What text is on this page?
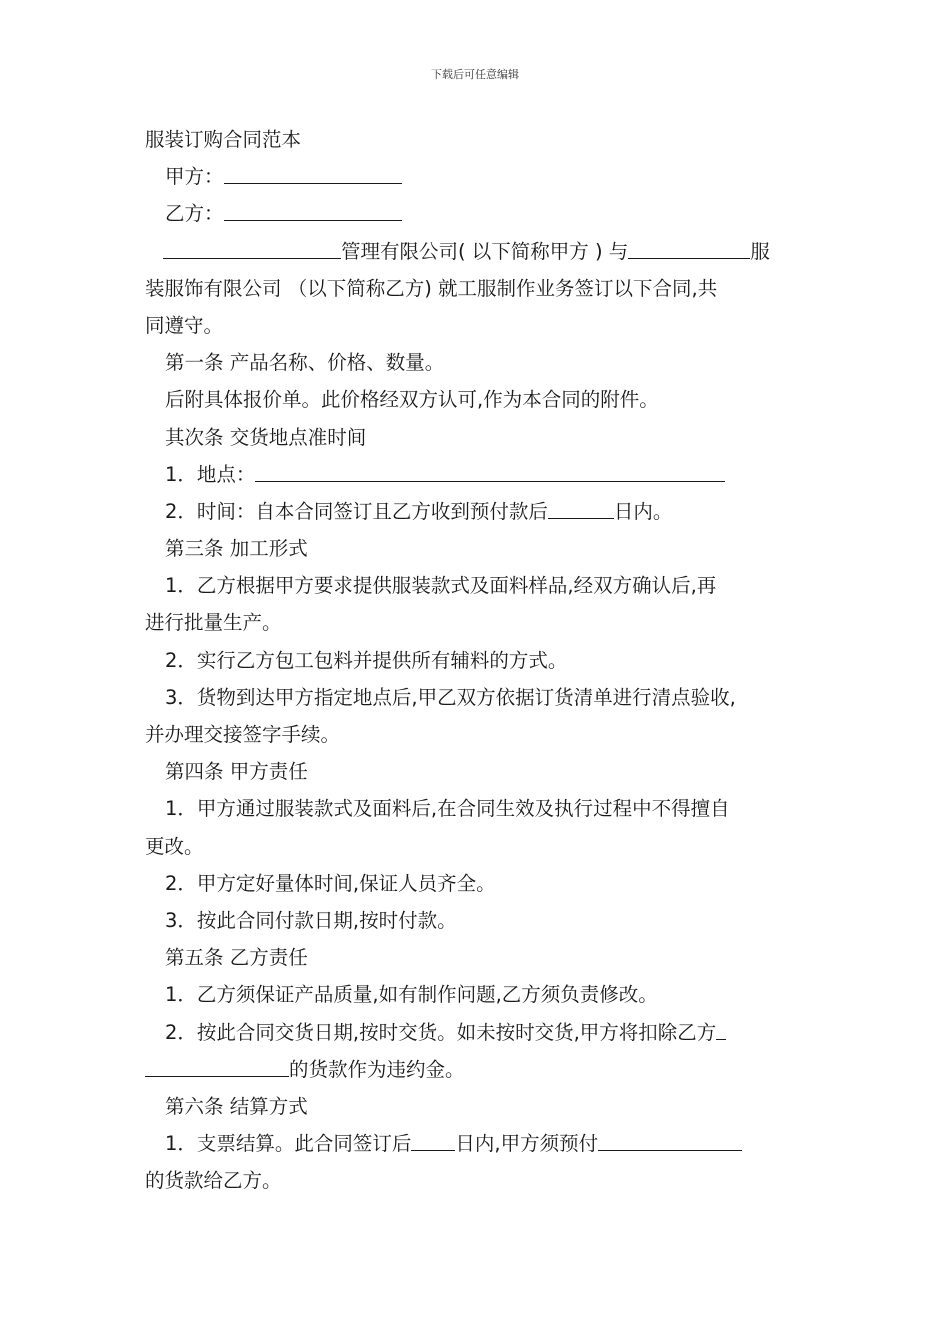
下载后可任意编辑
服装订购合同范本
甲方：
乙方：
管理有限公司( 以下简称甲方 ) 与	服
装服饰有限公司 （以下简称乙方) 就工服制作业务签订以下合同,共
同遵守。
第一条 产品名称、价格、数量。
后附具体报价单。此价格经双方认可,作为本合同的附件。
其次条 交货地点准时间
1．地点：
2．时间：自本合同签订且乙方收到预付款后	日内。
第三条 加工形式
1．乙方根据甲方要求提供服装款式及面料样品,经双方确认后,再
进行批量生产。
2．实行乙方包工包料并提供所有辅料的方式。
3．货物到达甲方指定地点后,甲乙双方依据订货清单进行清点验收,
并办理交接签字手续。
第四条 甲方责任
1．甲方通过服装款式及面料后,在合同生效及执行过程中不得擅自
更改。
2．甲方定好量体时间,保证人员齐全。
3．按此合同付款日期,按时付款。
第五条 乙方责任
1．乙方须保证产品质量,如有制作问题,乙方须负责修改。
2．按此合同交货日期,按时交货。如未按时交货,甲方将扣除乙方
的货款作为违约金。
第六条 结算方式
1．支票结算。此合同签订后 日内,甲方须预付
的货款给乙方。
